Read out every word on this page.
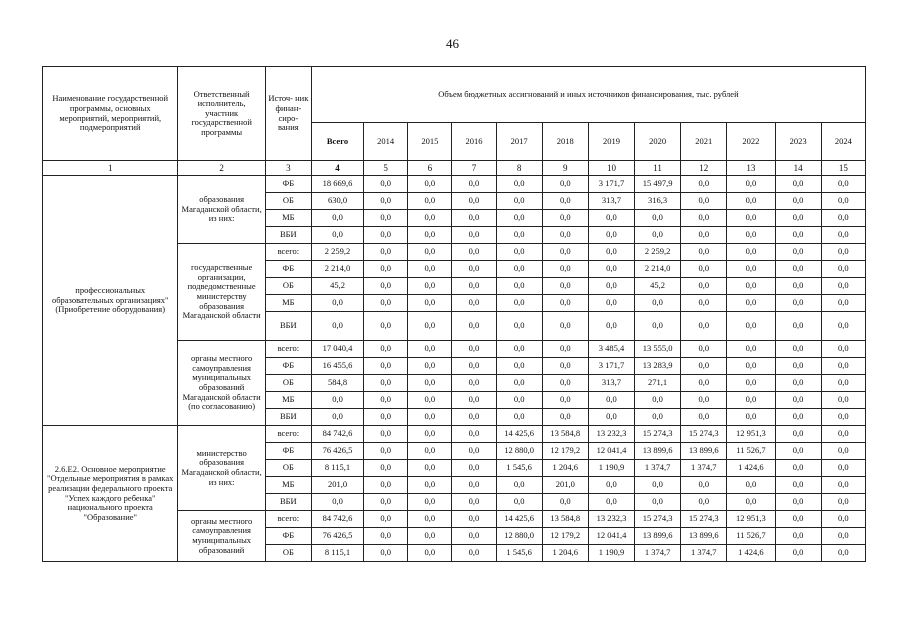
46
Наименование государственной программы, основных мероприятий, мероприятий, подмероприятий	Ответственный исполнитель, участник государственной программы	Источ- ник финан- сиро- вания	Объем бюджетных ассигнований и иных источников финансирования, тыс. рублей											
			Всего	2014	2015	2016	2017	2018	2019	2020	2021	2022	2023	2024
1	2	3	4	5	6	7	8	9	10	11	12	13	14	15
профессиональных образовательных организациях" (Приобретение оборудования)	образования Магаданской области, из них:	ФБ	18 669,6	0,0	0,0	0,0	0,0	0,0	3 171,7	15 497,9	0,0	0,0	0,0	0,0
		ОБ	630,0	0,0	0,0	0,0	0,0	0,0	313,7	316,3	0,0	0,0	0,0	0,0
		МБ	0,0	0,0	0,0	0,0	0,0	0,0	0,0	0,0	0,0	0,0	0,0	0,0
		ВБИ	0,0	0,0	0,0	0,0	0,0	0,0	0,0	0,0	0,0	0,0	0,0	0,0
	государственные организации, подведомственные министерству образования Магаданской области	всего:	2 259,2	0,0	0,0	0,0	0,0	0,0	0,0	2 259,2	0,0	0,0	0,0	0,0
		ФБ	2 214,0	0,0	0,0	0,0	0,0	0,0	0,0	2 214,0	0,0	0,0	0,0	0,0
		ОБ	45,2	0,0	0,0	0,0	0,0	0,0	0,0	45,2	0,0	0,0	0,0	0,0
		МБ	0,0	0,0	0,0	0,0	0,0	0,0	0,0	0,0	0,0	0,0	0,0	0,0
		ВБИ	0,0	0,0	0,0	0,0	0,0	0,0	0,0	0,0	0,0	0,0	0,0	0,0
	органы местного самоуправления муниципальных образований Магаданской области (по согласованию)	всего:	17 040,4	0,0	0,0	0,0	0,0	0,0	3 485,4	13 555,0	0,0	0,0	0,0	0,0
		ФБ	16 455,6	0,0	0,0	0,0	0,0	0,0	3 171,7	13 283,9	0,0	0,0	0,0	0,0
		ОБ	584,8	0,0	0,0	0,0	0,0	0,0	313,7	271,1	0,0	0,0	0,0	0,0
		МБ	0,0	0,0	0,0	0,0	0,0	0,0	0,0	0,0	0,0	0,0	0,0	0,0
		ВБИ	0,0	0,0	0,0	0,0	0,0	0,0	0,0	0,0	0,0	0,0	0,0	0,0
2.6.Е2. Основное мероприятие "Отдельные мероприятия в рамках реализации федерального проекта "Успех каждого ребенка" национального проекта "Образование"	министерство образования Магаданской области, из них:	всего:	84 742,6	0,0	0,0	0,0	14 425,6	13 584,8	13 232,3	15 274,3	15 274,3	12 951,3	0,0	0,0
		ФБ	76 426,5	0,0	0,0	0,0	12 880,0	12 179,2	12 041,4	13 899,6	13 899,6	11 526,7	0,0	0,0
		ОБ	8 115,1	0,0	0,0	0,0	1 545,6	1 204,6	1 190,9	1 374,7	1 374,7	1 424,6	0,0	0,0
		МБ	201,0	0,0	0,0	0,0	0,0	201,0	0,0	0,0	0,0	0,0	0,0	0,0
		ВБИ	0,0	0,0	0,0	0,0	0,0	0,0	0,0	0,0	0,0	0,0	0,0	0,0
	органы местного самоуправления муниципальных образований	всего:	84 742,6	0,0	0,0	0,0	14 425,6	13 584,8	13 232,3	15 274,3	15 274,3	12 951,3	0,0	0,0
		ФБ	76 426,5	0,0	0,0	0,0	12 880,0	12 179,2	12 041,4	13 899,6	13 899,6	11 526,7	0,0	0,0
		ОБ	8 115,1	0,0	0,0	0,0	1 545,6	1 204,6	1 190,9	1 374,7	1 374,7	1 424,6	0,0	0,0
